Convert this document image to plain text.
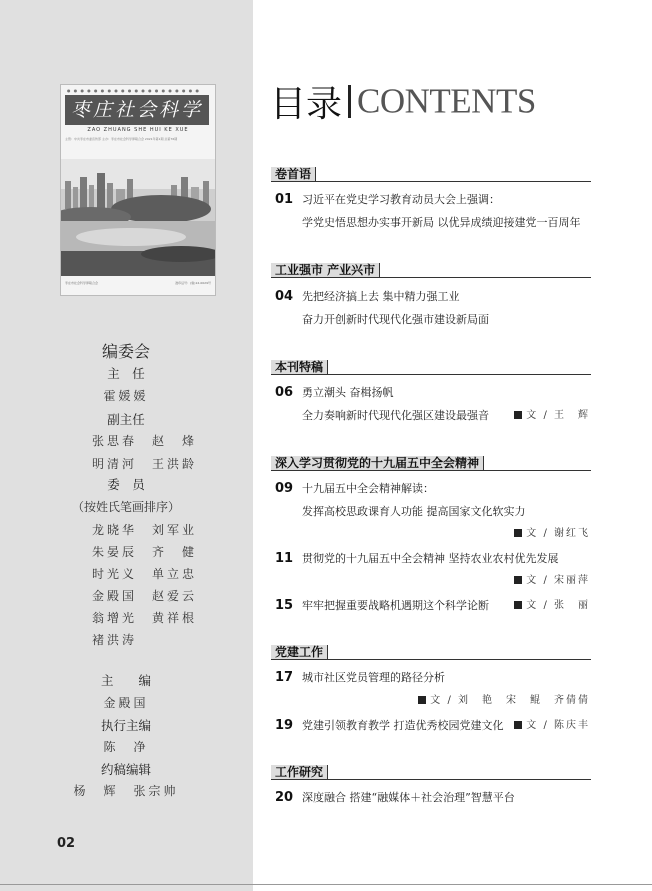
● ● ● ● ● ● ● ● ● ● ● ● ● ● ● ● ● ● ● ●
枣庄社会科学
ZAO ZHUANG SHE HUI KE XUE
主管：中共枣庄市委宣传部 主办：枣庄市社会科学界联合会 2021年第1期 总第76期
枣庄市社会科学界联合会	准印证号：(鲁)12-0029号
编委会
主　任
霍媛媛
副主任
张思春　 赵　烽
明清河　 王洪龄
委　员
（按姓氏笔画排序）
龙晓华　 刘军业
朱晏辰　 齐　健
时光义　 单立忠
金殿国　 赵爱云
翁增光　 黄祥根
褚洪涛
主　　编
金殿国
执行主编
陈　净
约稿编辑
杨　辉　张宗帅
02
目录 CONTENTS
卷首语
01 习近平在党史学习教育动员大会上强调：
学党史悟思想办实事开新局 以优异成绩迎接建党一百周年
工业强市 产业兴市
04 先把经济搞上去 集中精力强工业
奋力开创新时代现代化强市建设新局面
本刊特稿
06 勇立潮头 奋楫扬帆
全力奏响新时代现代化强区建设最强音	文 / 王　辉
深入学习贯彻党的十九届五中全会精神
09 十九届五中全会精神解读：
发挥高校思政课育人功能 提高国家文化软实力
文 / 谢红飞
11 贯彻党的十九届五中全会精神 坚持农业农村优先发展
文 / 宋丽萍
15 牢牢把握重要战略机遇期这个科学论断	文 / 张　丽
党建工作
17 城市社区党员管理的路径分析
文 / 刘　艳　宋　鲲　齐倩倩
19 党建引领教育教学 打造优秀校园党建文化	文 / 陈庆丰
工作研究
20 深度融合 搭建“融媒体＋社会治理”智慧平台
